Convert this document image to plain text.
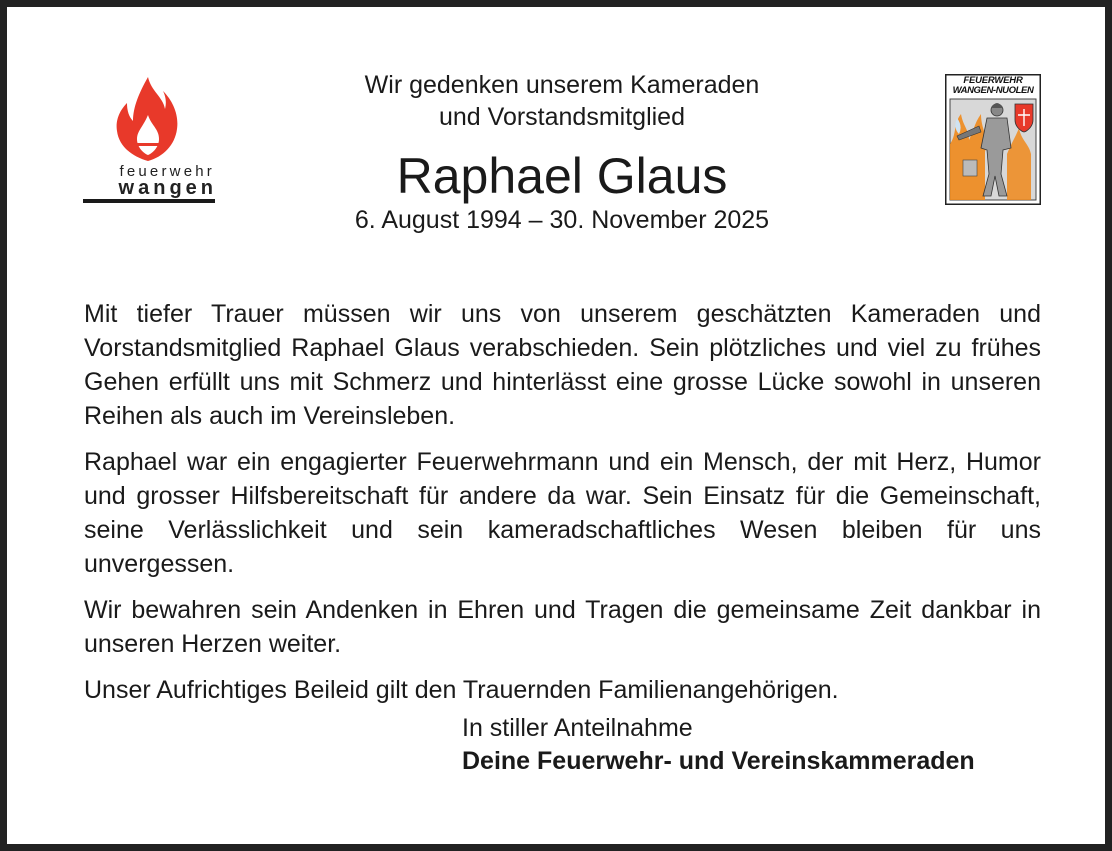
feuerwehr
wangen
Wir gedenken unserem Kameraden
und Vorstandsmitglied
Raphael Glaus
6. August 1994 – 30. November 2025
FEUERWEHR
WANGEN-NUOLEN

Mit tiefer Trauer müssen wir uns von unserem geschätzten Kameraden und Vorstandsmitglied Raphael Glaus verabschieden. Sein plötzliches und viel zu frühes Gehen erfüllt uns mit Schmerz und hinterlässt eine grosse Lücke sowohl in unseren Reihen als auch im Vereinsleben.

Raphael war ein engagierter Feuerwehrmann und ein Mensch, der mit Herz, Humor und grosser Hilfsbereitschaft für andere da war. Sein Einsatz für die Gemeinschaft, seine Verlässlichkeit und sein kameradschaftliches Wesen bleiben für uns unvergessen.

Wir bewahren sein Andenken in Ehren und Tragen die gemeinsame Zeit dankbar in unseren Herzen weiter.

Unser Aufrichtiges Beileid gilt den Trauernden Familienangehörigen.

In stiller Anteilnahme
Deine Feuerwehr- und Vereinskammeraden
